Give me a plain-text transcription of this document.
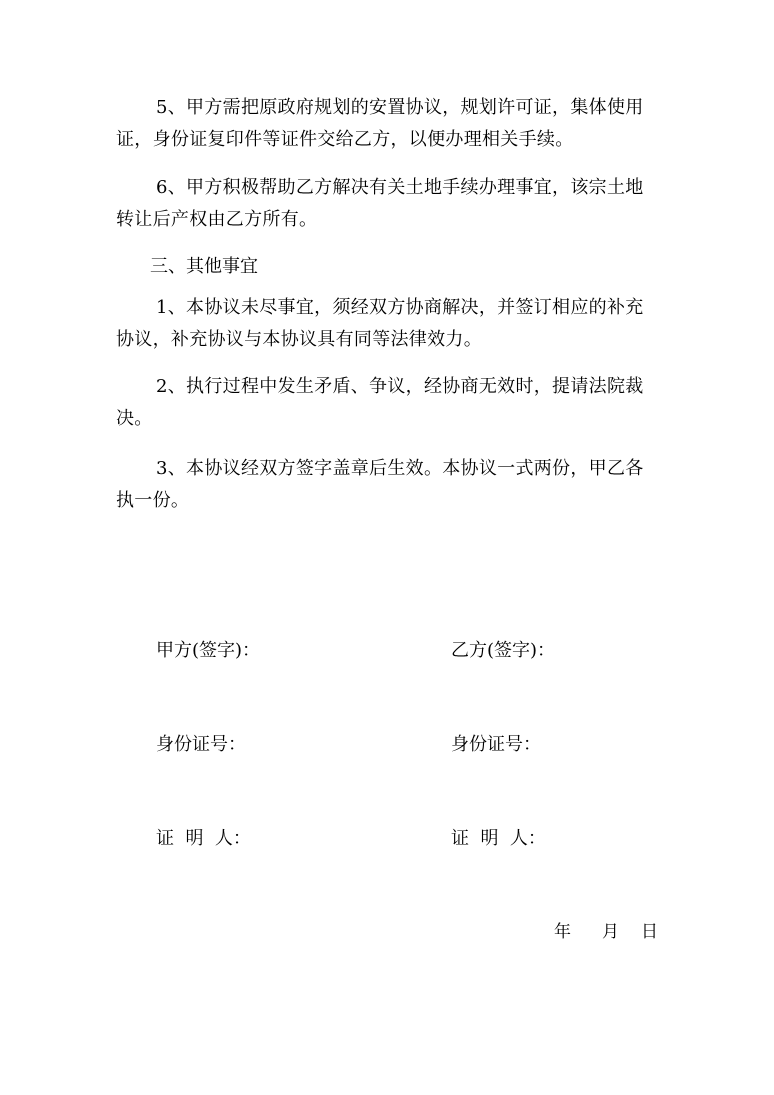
5、甲方需把原政府规划的安置协议，规划许可证，集体使用证，身份证复印件等证件交给乙方，以便办理相关手续。

6、甲方积极帮助乙方解决有关土地手续办理事宜，该宗土地转让后产权由乙方所有。

三、其他事宜

1、本协议未尽事宜，须经双方协商解决，并签订相应的补充协议，补充协议与本协议具有同等法律效力。

2、执行过程中发生矛盾、争议，经协商无效时，提请法院裁决。

3、本协议经双方签字盖章后生效。本协议一式两份，甲乙各执一份。

甲方(签字)：	乙方(签字)：
身份证号：	身份证号：
证  明  人：	证  明  人：
年 月 日
